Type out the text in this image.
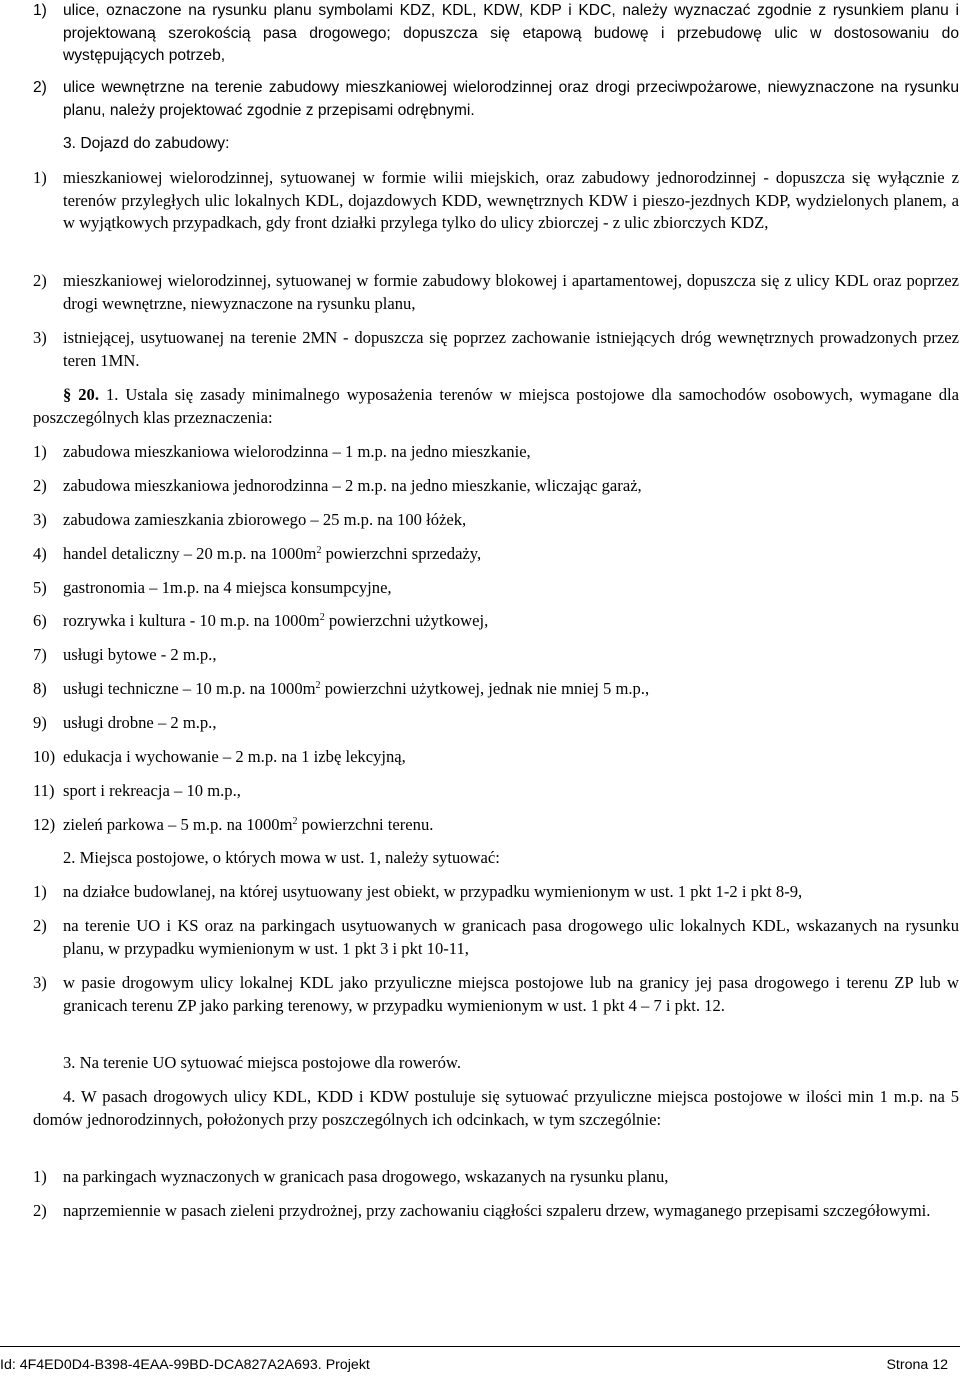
1) ulice, oznaczone na rysunku planu symbolami KDZ, KDL, KDW, KDP i KDC, należy wyznaczać zgodnie z rysunkiem planu i projektowaną szerokością pasa drogowego; dopuszcza się etapową budowę i przebudowę ulic w dostosowaniu do występujących potrzeb,
2) ulice wewnętrzne na terenie zabudowy mieszkaniowej wielorodzinnej oraz drogi przeciwpożarowe, niewyznaczone na rysunku planu, należy projektować zgodnie z przepisami odrębnymi.
3. Dojazd do zabudowy:
1) mieszkaniowej wielorodzinnej, sytuowanej w formie wilii miejskich, oraz zabudowy jednorodzinnej - dopuszcza się wyłącznie z terenów przyległych ulic lokalnych KDL, dojazdowych KDD, wewnętrznych KDW i pieszo-jezdnych KDP, wydzielonych planem, a w wyjątkowych przypadkach, gdy front działki przylega tylko do ulicy zbiorczej - z ulic zbiorczych KDZ,
2) mieszkaniowej wielorodzinnej, sytuowanej w formie zabudowy blokowej i apartamentowej, dopuszcza się z ulicy KDL oraz poprzez drogi wewnętrzne, niewyznaczone na rysunku planu,
3) istniejącej, usytuowanej na terenie 2MN - dopuszcza się poprzez zachowanie istniejących dróg wewnętrznych prowadzonych przez teren 1MN.
§ 20. 1. Ustala się zasady minimalnego wyposażenia terenów w miejsca postojowe dla samochodów osobowych, wymagane dla poszczególnych klas przeznaczenia:
1) zabudowa mieszkaniowa wielorodzinna – 1 m.p. na jedno mieszkanie,
2) zabudowa mieszkaniowa jednorodzinna – 2 m.p. na jedno mieszkanie, wliczając garaż,
3) zabudowa zamieszkania zbiorowego – 25 m.p. na 100 łóżek,
4) handel detaliczny – 20 m.p. na $1000m^2$ powierzchni sprzedaży,
5) gastronomia – 1m.p. na 4 miejsca konsumpcyjne,
6) rozrywka i kultura - 10 m.p. na $1000m^2$ powierzchni użytkowej,
7) usługi bytowe - 2 m.p.,
8) usługi techniczne – 10 m.p. na $1000m^2$ powierzchni użytkowej, jednak nie mniej 5 m.p.,
9) usługi drobne – 2 m.p.,
10) edukacja i wychowanie – 2 m.p. na 1 izbę lekcyjną,
11) sport i rekreacja – 10 m.p.,
12) zieleń parkowa – 5 m.p. na $1000m^2$ powierzchni terenu.
2. Miejsca postojowe, o których mowa w ust. 1, należy sytuować:
1) na działce budowlanej, na której usytuowany jest obiekt, w przypadku wymienionym w ust. 1 pkt 1-2 i pkt 8-9,
2) na terenie UO i KS oraz na parkingach usytuowanych w granicach pasa drogowego ulic lokalnych KDL, wskazanych na rysunku planu, w przypadku wymienionym w ust. 1 pkt 3 i pkt 10-11,
3) w pasie drogowym ulicy lokalnej KDL jako przyuliczne miejsca postojowe lub na granicy jej pasa drogowego i terenu ZP lub w granicach terenu ZP jako parking terenowy, w przypadku wymienionym w ust. 1 pkt 4 – 7 i pkt. 12.
3. Na terenie UO sytuować miejsca postojowe dla rowerów.
4. W pasach drogowych ulicy KDL, KDD i KDW postuluje się sytuować przyuliczne miejsca postojowe w ilości min 1 m.p. na 5 domów jednorodzinnych, położonych przy poszczególnych ich odcinkach, w tym szczególnie:
1) na parkingach wyznaczonych w granicach pasa drogowego, wskazanych na rysunku planu,
2) naprzemiennie w pasach zieleni przydrożnej, przy zachowaniu ciągłości szpaleru drzew, wymaganego przepisami szczegółowymi.
Id: 4F4ED0D4-B398-4EAA-99BD-DCA827A2A693. Projekt	Strona 12
